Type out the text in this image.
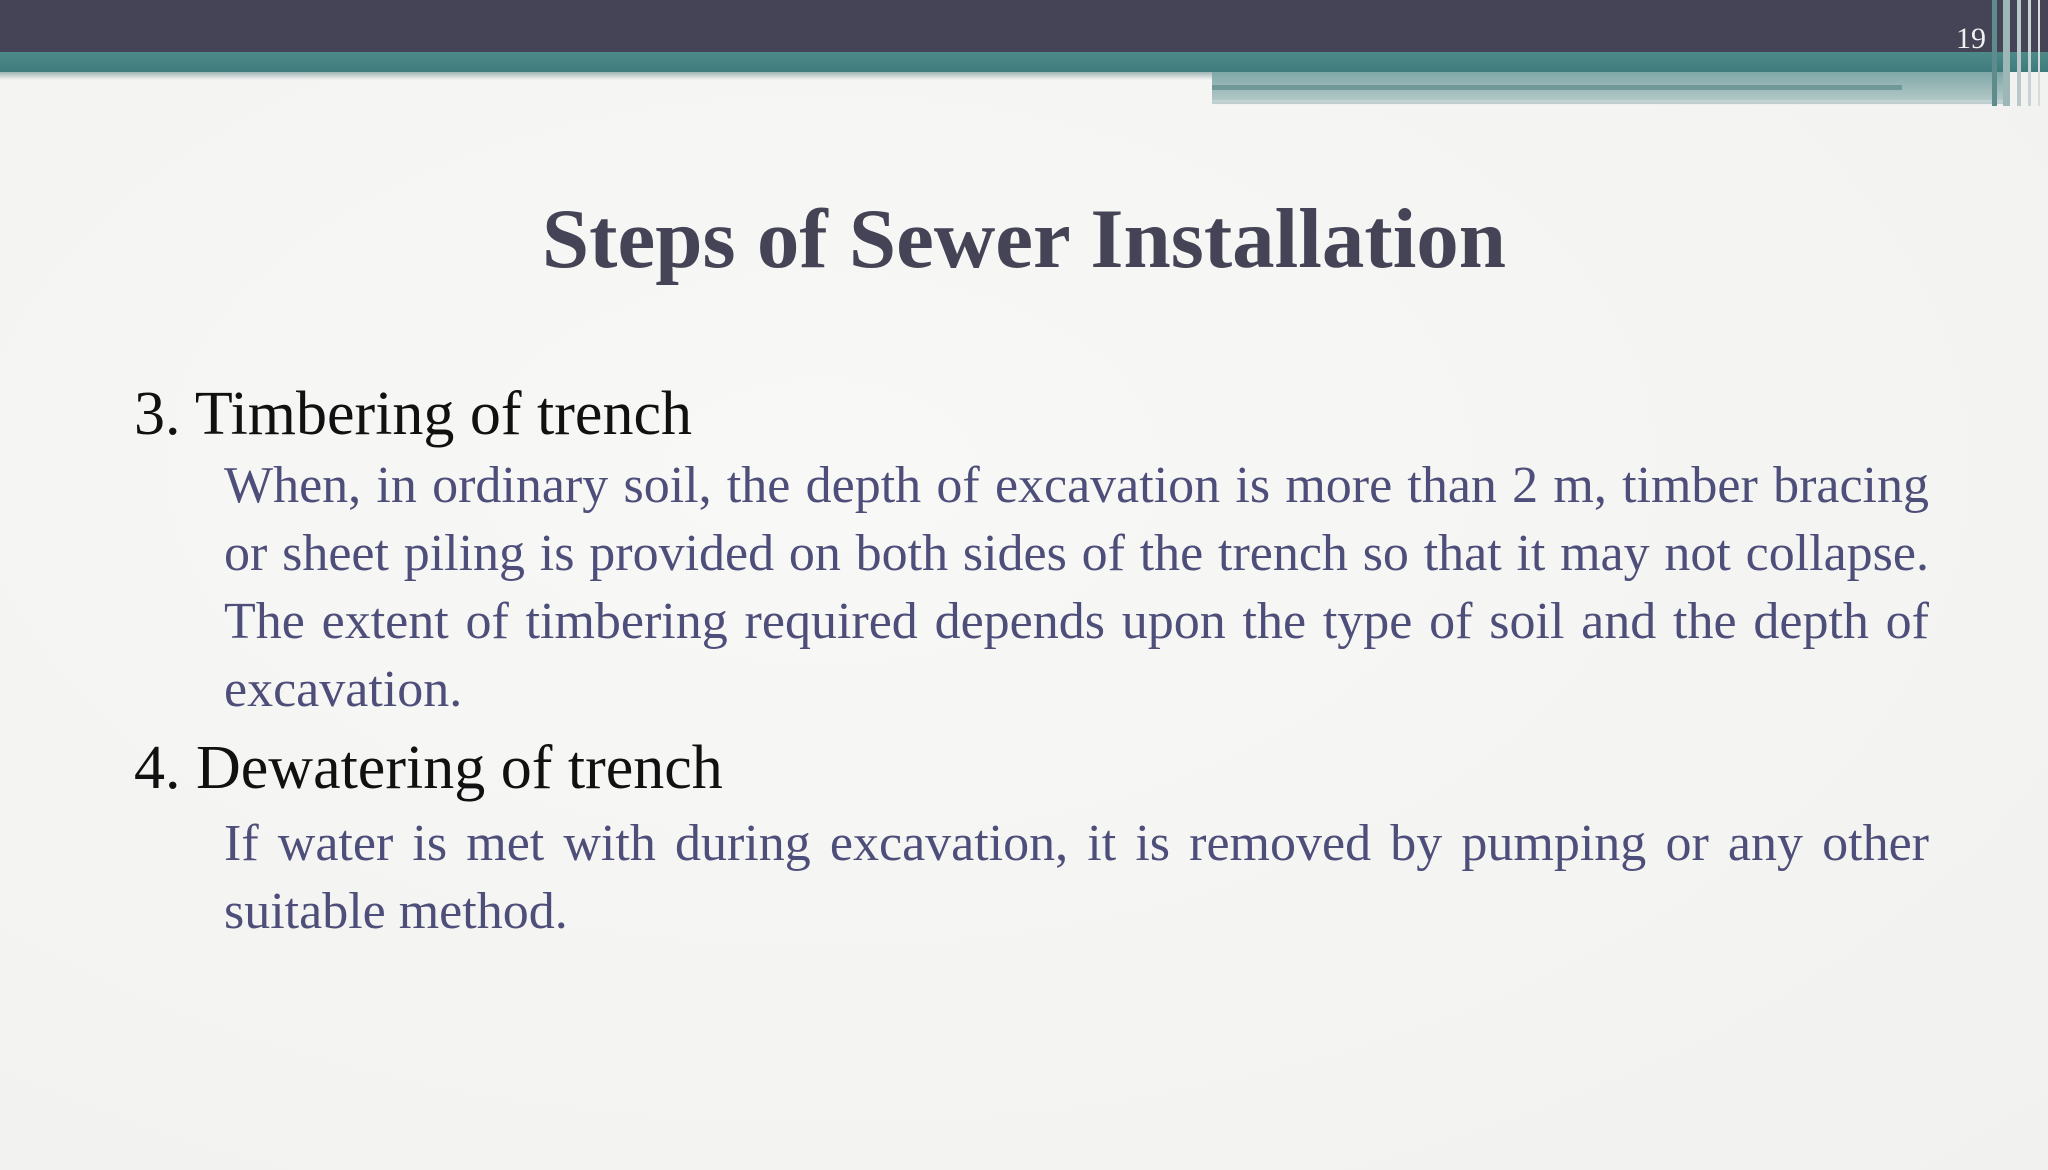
19
Steps of Sewer Installation

3. Timbering of trench

When, in ordinary soil, the depth of excavation is more than 2 m, timber bracing or sheet piling is provided on both sides of the trench so that it may not collapse. The extent of timbering required depends upon the type of soil and the depth of excavation.

4. Dewatering of trench

If water is met with during excavation, it is removed by pumping or any other suitable method.
